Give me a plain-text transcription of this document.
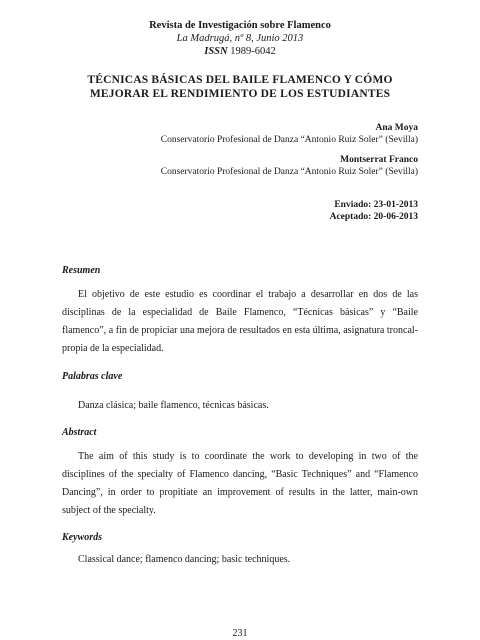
Revista de Investigación sobre Flamenco
La Madrugá, nº 8, Junio 2013
ISSN 1989-6042
TÉCNICAS BÁSICAS DEL BAILE FLAMENCO Y CÓMO
MEJORAR EL RENDIMIENTO DE LOS ESTUDIANTES
Ana Moya
Conservatorio Profesional de Danza “Antonio Ruiz Soler” (Sevilla)
Montserrat Franco
Conservatorio Profesional de Danza “Antonio Ruiz Soler” (Sevilla)
Enviado: 23-01-2013
Aceptado: 20-06-2013
Resumen
El objetivo de este estudio es coordinar el trabajo a desarrollar en dos de las disciplinas de la especialidad de Baile Flamenco, “Técnicas básicas” y “Baile flamenco”, a fin de propiciar una mejora de resultados en esta última, asignatura troncal-propia de la especialidad.
Palabras clave
Danza clásica; baile flamenco, técnicas básicas.
Abstract
The aim of this study is to coordinate the work to developing in two of the disciplines of the specialty of Flamenco dancing, “Basic Techniques” and “Flamenco Dancing”, in order to propitiate an improvement of results in the latter, main-own subject of the specialty.
Keywords
Classical dance; flamenco dancing; basic techniques.
231
